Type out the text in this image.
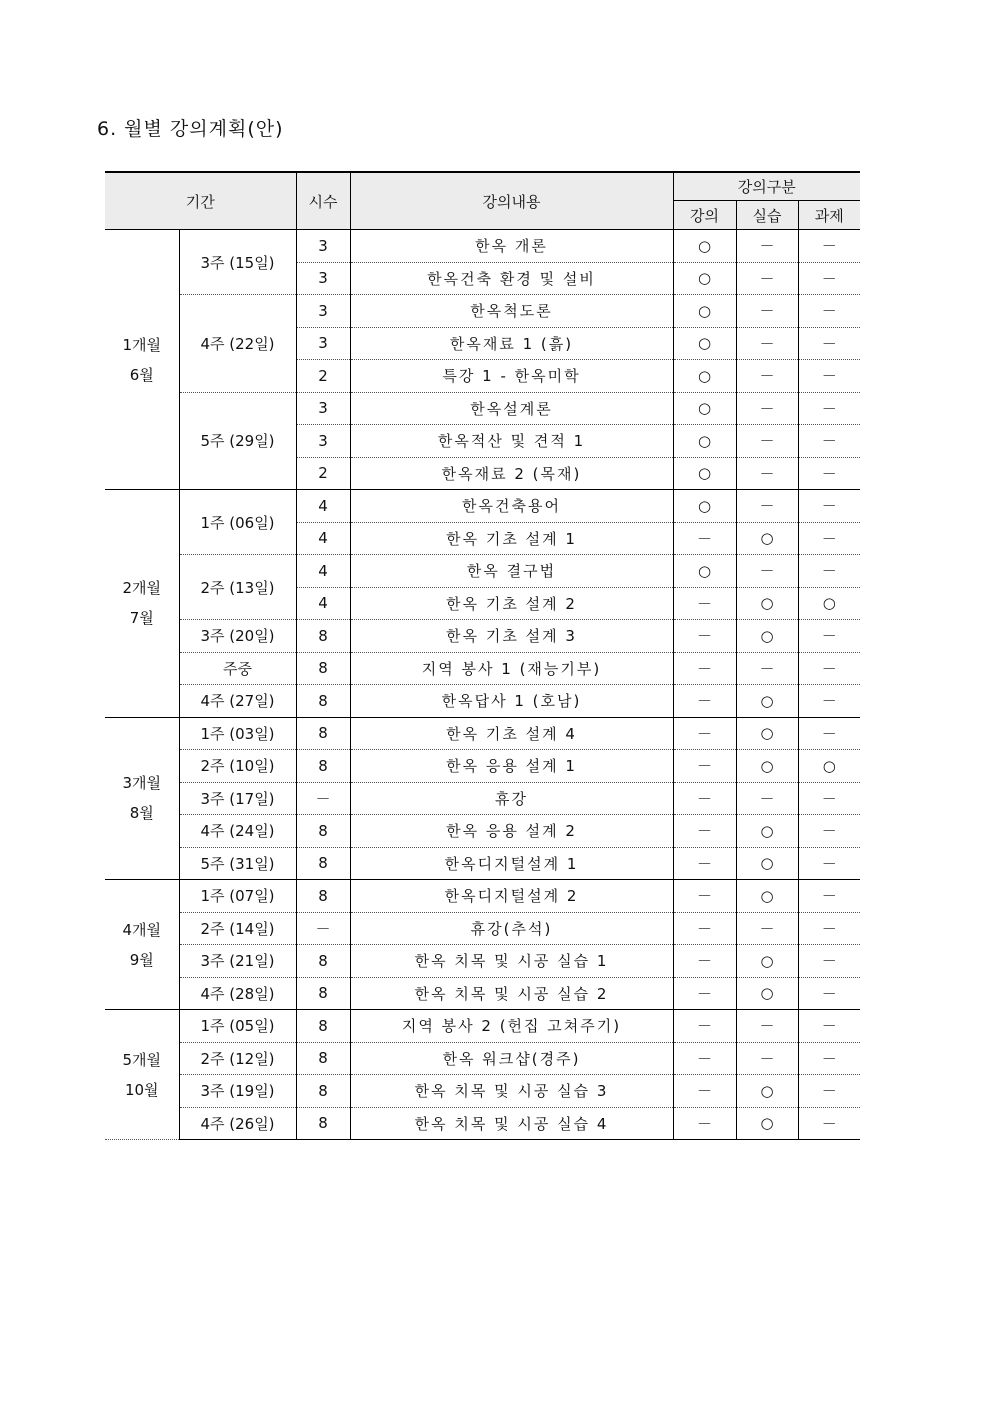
6. 월별 강의계획(안)
기간		시수	강의내용	강의구분		
				강의	실습	과제

1개월
6월	3주 (15일)	3	한옥 개론	○	－	－
		3	한옥건축 환경 및 설비	○	－	－
	4주 (22일)	3	한옥척도론	○	－	－
		3	한옥재료 1 (흙)	○	－	－
		2	특강 1 - 한옥미학	○	－	－
	5주 (29일)	3	한옥설계론	○	－	－
		3	한옥적산 및 견적 1	○	－	－
		2	한옥재료 2 (목재)	○	－	－

2개월
7월	1주 (06일)	4	한옥건축용어	○	－	－
		4	한옥 기초 설계 1	－	○	－
	2주 (13일)	4	한옥 결구법	○	－	－
		4	한옥 기초 설계 2	－	○	○
	3주 (20일)	8	한옥 기초 설계 3	－	○	－
	주중	8	지역 봉사 1 (재능기부)	－	－	－
	4주 (27일)	8	한옥답사 1 (호남)	－	○	－

3개월
8월	1주 (03일)	8	한옥 기초 설계 4	－	○	－
	2주 (10일)	8	한옥 응용 설계 1	－	○	○
	3주 (17일)	－	휴강	－	－	－
	4주 (24일)	8	한옥 응용 설계 2	－	○	－
	5주 (31일)	8	한옥디지털설계 1	－	○	－

4개월
9월	1주 (07일)	8	한옥디지털설계 2	－	○	－
	2주 (14일)	－	휴강(추석)	－	－	－
	3주 (21일)	8	한옥 치목 및 시공 실습 1	－	○	－
	4주 (28일)	8	한옥 치목 및 시공 실습 2	－	○	－

5개월
10월	1주 (05일)	8	지역 봉사 2 (헌집 고쳐주기)	－	－	－
	2주 (12일)	8	한옥 워크샵(경주)	－	－	－
	3주 (19일)	8	한옥 치목 및 시공 실습 3	－	○	－
	4주 (26일)	8	한옥 치목 및 시공 실습 4	－	○	－
